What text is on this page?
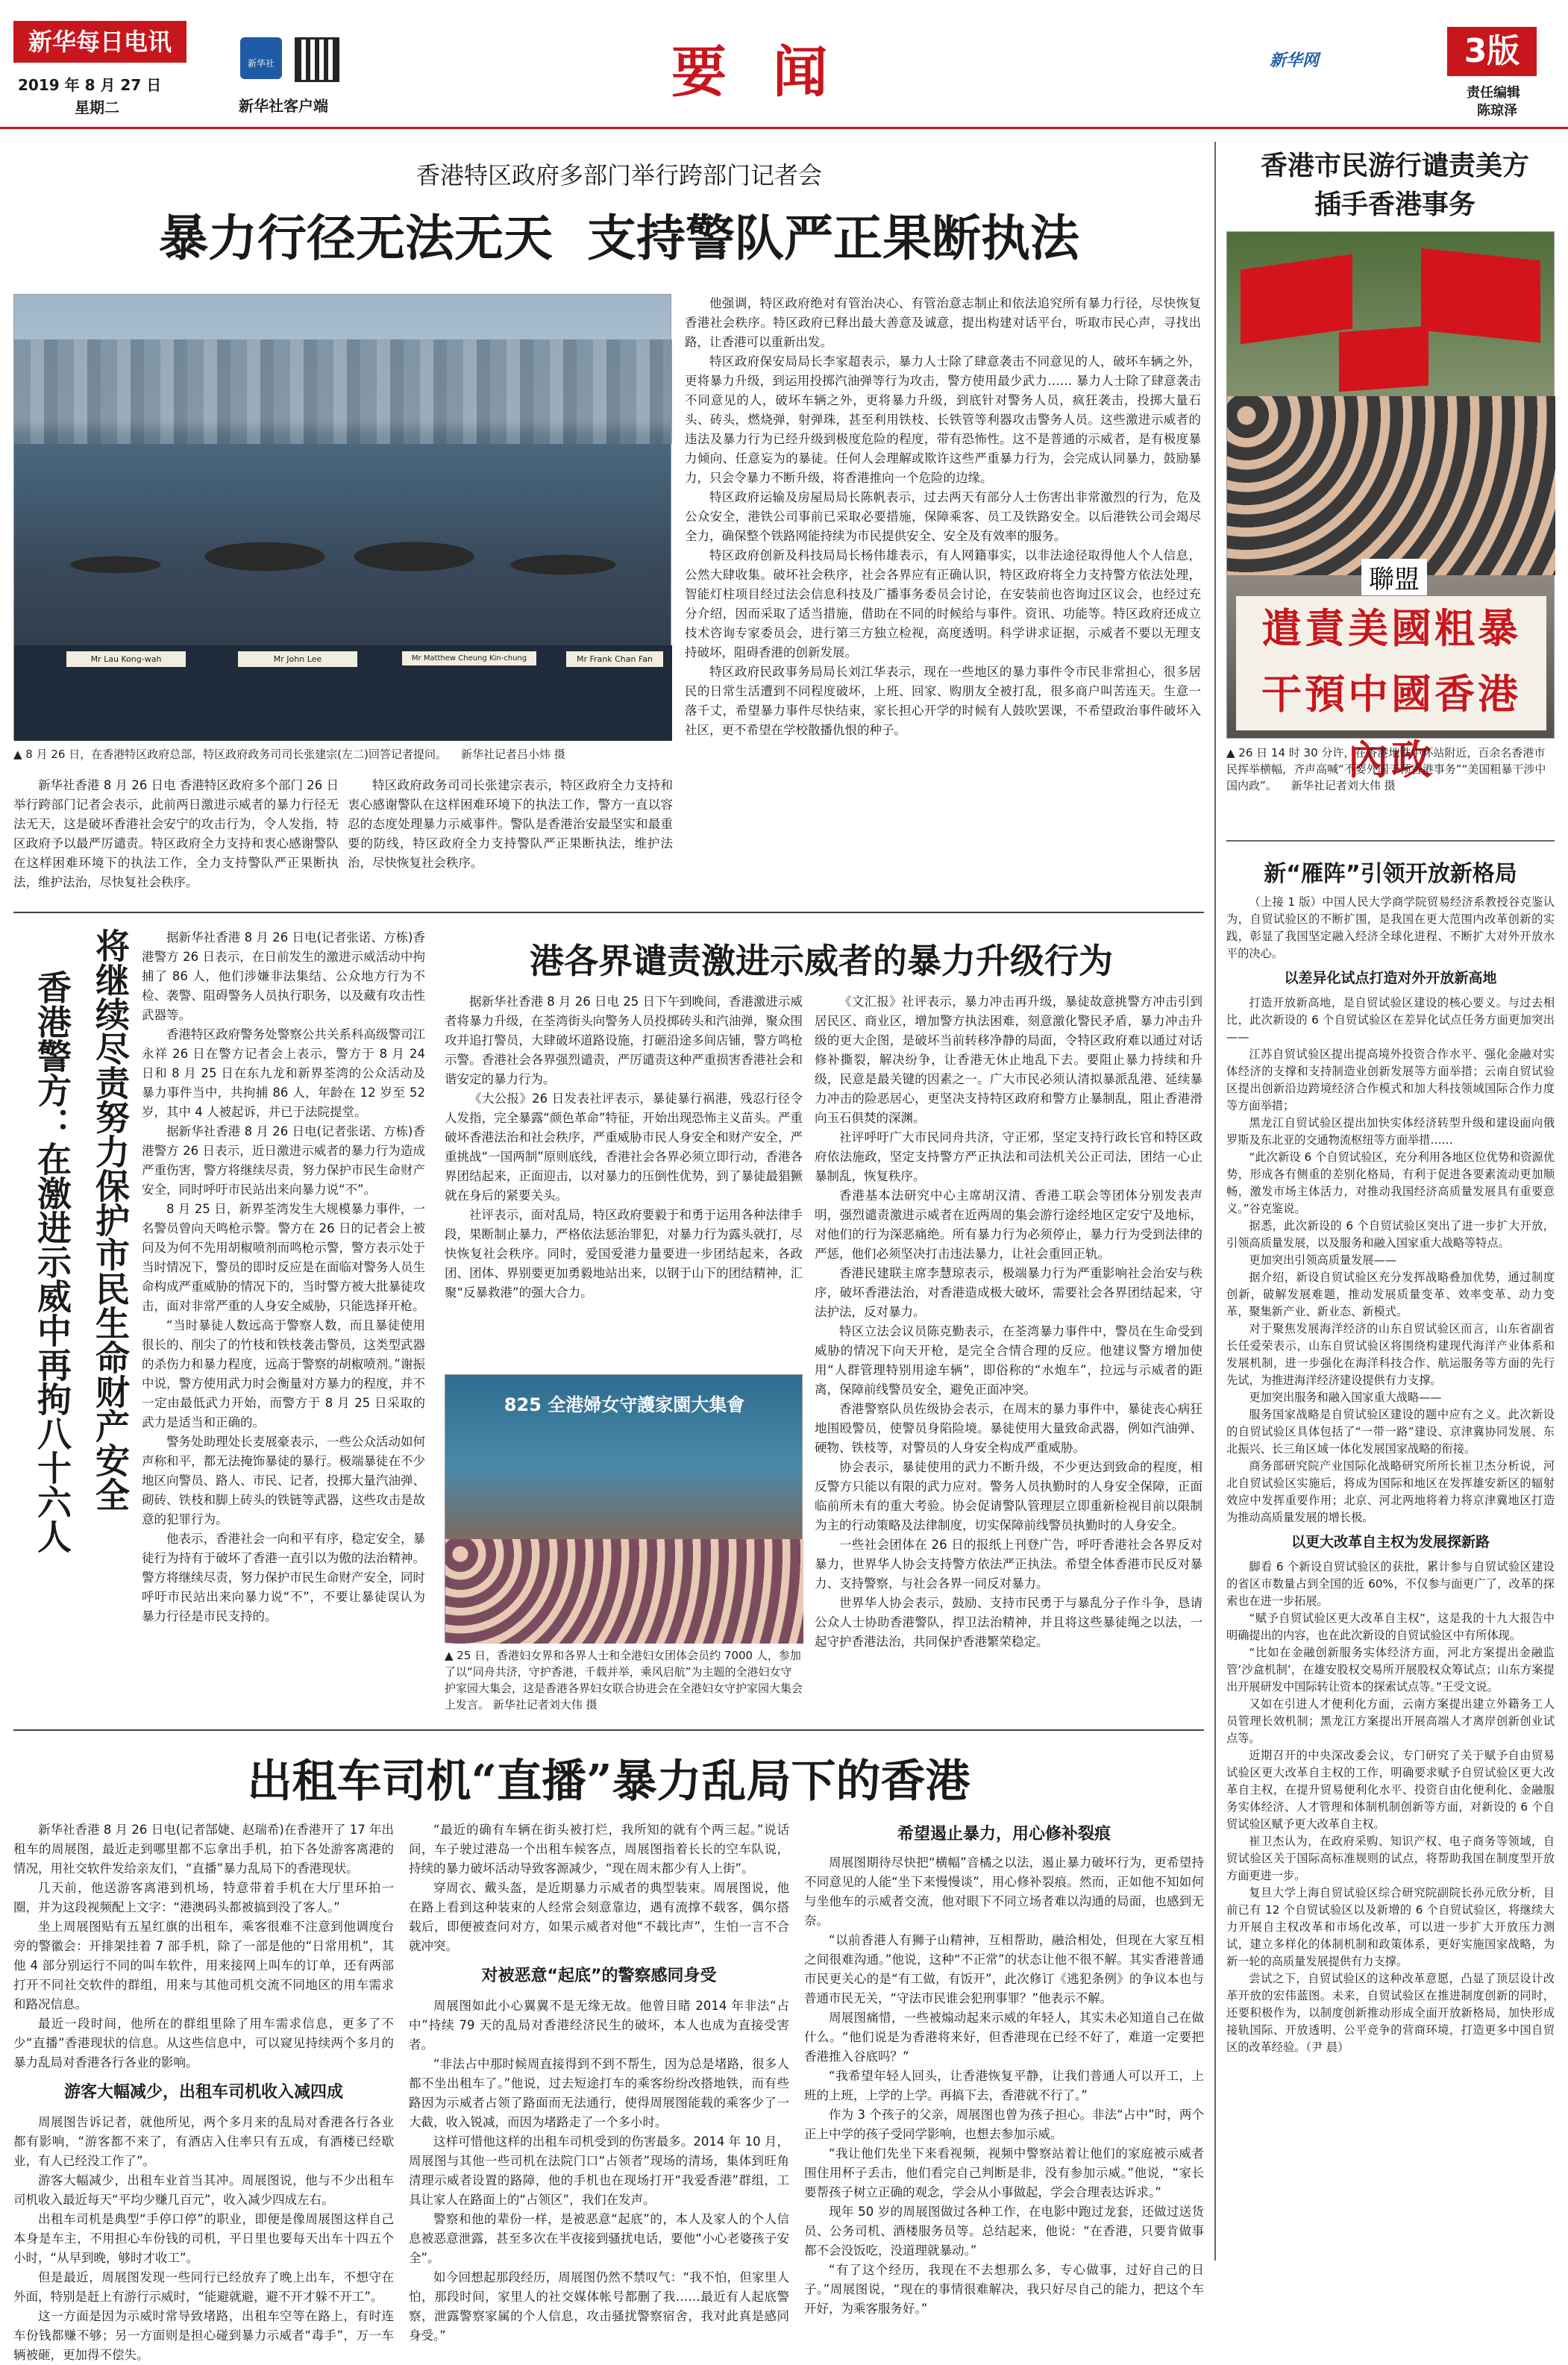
新华每日电讯
2019 年 8 月 27 日
星期二
新华社
新华社客户端
要 闻	新华网	3版
责任编辑
陈琼泽
香港特区政府多部门举行跨部门记者会
暴力行径无法无天  支持警队严正果断执法
Mr Lau Kong-wah	Mr John Lee	Mr Matthew Cheung Kin-chung	Mr Frank Chan Fan
▲ 8 月 26 日，在香港特区政府总部，特区政府政务司司长张建宗(左二)回答记者提问。    新华社记者吕小炜 摄

新华社香港 8 月 26 日电 香港特区政府多个部门 26 日举行跨部门记者会表示，此前两日激进示威者的暴力行径无法无天，这是破坏香港社会安宁的攻击行为，令人发指，特区政府予以最严厉谴责。特区政府全力支持和衷心感谢警队在这样困难环境下的执法工作，全力支持警队严正果断执法，维护法治，尽快复社会秩序。

特区政府政务司司长张建宗表示，特区政府全力支持和衷心感谢警队在这样困难环境下的执法工作，警方一直以容忍的态度处理暴力示威事件。警队是香港治安最坚实和最重要的防线，特区政府全力支持警队严正果断执法，维护法治，尽快恢复社会秩序。

他强调，特区政府绝对有管治决心、有管治意志制止和依法追究所有暴力行径，尽快恢复香港社会秩序。特区政府已释出最大善意及诚意，提出构建对话平台，听取市民心声，寻找出路，让香港可以重新出发。

特区政府保安局局长李家超表示，暴力人士除了肆意袭击不同意见的人，破坏车辆之外，更将暴力升级，到运用投掷汽油弹等行为攻击，警方使用最少武力…… 暴力人士除了肆意袭击不同意见的人，破坏车辆之外，更将暴力升级，到底针对警务人员，疯狂袭击，投掷大量石头、砖头，燃烧弹，射弹珠，甚至利用铁枝、长铁管等利器攻击警务人员。这些激进示威者的违法及暴力行为已经升级到极度危险的程度，带有恐怖性。这不是普通的示威者，是有极度暴力倾向、任意妄为的暴徒。任何人会理解或欺许这些严重暴力行为，会完成认同暴力，鼓励暴力，只会令暴力不断升级，将香港推向一个危险的边缘。

特区政府运输及房屋局局长陈帆表示，过去两天有部分人士伤害出非常激烈的行为，危及公众安全，港铁公司事前已采取必要措施，保障乘客、员工及铁路安全。以后港铁公司会竭尽全力，确保整个铁路网能持续为市民提供安全、安全及有效率的服务。

特区政府创新及科技局局长杨伟雄表示，有人网籍事实，以非法途径取得他人个人信息，公然大肆收集。破坏社会秩序，社会各界应有正确认识，特区政府将全力支持警方依法处理，智能灯柱项目经过法会信息科技及广播事务委员会讨论，在安装前也咨询过区议会，也经过充分介绍，因而采取了适当措施，借助在不同的时候给与事件。资讯、功能等。特区政府还成立技术咨询专家委员会，进行第三方独立检视，高度透明。科学讲求证据，示威者不要以无理支持破坏，阻碍香港的创新发展。

特区政府民政事务局局长刘江华表示，现在一些地区的暴力事件令市民非常担心，很多居民的日常生活遭到不同程度破坏，上班、回家、购朋友全被打乱，很多商户叫苦连天。生意一落千丈，希望暴力事件尽快结束，家长担心开学的时候有人鼓吹罢课，不希望政治事件破坏入社区，更不希望在学校散播仇恨的种子。

将继续尽责努力保护市民生命财产安全
香港警方：在激进示威中再拘八十六人

据新华社香港 8 月 26 日电(记者张诺、方栋)香港警方 26 日表示，在日前发生的激进示威活动中拘捕了 86 人，他们涉嫌非法集结、公众地方行为不检、袭警、阻碍警务人员执行职务，以及藏有攻击性武器等。

香港特区政府警务处警察公共关系科高级警司江永祥 26 日在警方记者会上表示，警方于 8 月 24 日和 8 月 25 日在东九龙和新界荃湾的公众活动及暴力事件当中，共拘捕 86 人，年龄在 12 岁至 52 岁，其中 4 人被起诉，并已于法院提堂。

据新华社香港 8 月 26 日电(记者张诺、方栋)香港警方 26 日表示，近日激进示威者的暴力行为造成严重伤害，警方将继续尽责，努力保护市民生命财产安全，同时呼吁市民站出来向暴力说“不”。

8 月 25 日，新界荃湾发生大规模暴力事件，一名警员曾向天鸣枪示警。警方在 26 日的记者会上被问及为何不先用胡椒喷剂而鸣枪示警，警方表示处于当时情况下，警员的即时反应是在面临对警务人员生命构成严重威胁的情况下的，当时警方被大批暴徒攻击，面对非常严重的人身安全威胁，只能选择开枪。

“当时暴徒人数远高于警察人数，而且暴徒使用很长的、削尖了的竹枝和铁枝袭击警员，这类型武器的杀伤力和暴力程度，远高于警察的胡椒喷剂。”谢振中说，警方使用武力时会衡量对方暴力的程度，并不一定由最低武力开始，而警方于 8 月 25 日采取的武力是适当和正确的。

警务处助理处长麦展豪表示，一些公众活动如何声称和平，都无法掩饰暴徒的暴行。极端暴徒在不少地区向警员、路人、市民、记者，投掷大量汽油弹、砌砖、铁枝和脚上砖头的铁链等武器，这些攻击是故意的犯罪行为。

他表示，香港社会一向和平有序，稳定安全，暴徒行为持有于破坏了香港一直引以为傲的法治精神。警方将继续尽责，努力保护市民生命财产安全，同时呼吁市民站出来向暴力说“不”，不要让暴徒误认为暴力行径是市民支持的。

港各界谴责激进示威者的暴力升级行为

据新华社香港 8 月 26 日电 25 日下午到晚间，香港激进示威者将暴力升级，在荃湾街头向警务人员投掷砖头和汽油弹，聚众围攻并追打警员，大肆破坏道路设施，打砸沿途多间店铺，警方鸣枪示警。香港社会各界强烈谴责，严厉谴责这种严重损害香港社会和谐安定的暴力行为。

《大公报》26 日发表社评表示，暴徒暴行祸港，残忍行径令人发指，完全暴露“颜色革命”特征，开始出现恐怖主义苗头。严重破坏香港法治和社会秩序，严重威胁市民人身安全和财产安全，严重挑战“一国两制”原则底线，香港社会各界必须立即行动，香港各界团结起来，正面迎击，以对暴力的压倒性优势，到了暴徒最猖獗就在身后的紧要关头。

社评表示，面对乱局，特区政府要毅于和勇于运用各种法律手段，果断制止暴力，严格依法惩治罪犯，对暴力行为露头就打，尽快恢复社会秩序。同时，爱国爱港力量要进一步团结起来，各政团、团体、界别要更加勇毅地站出来，以钢于山下的团结精神，汇聚“反暴救港”的强大合力。

825 全港婦女守護家園大集會
▲ 25 日，香港妇女界和各界人士和全港妇女团体会员约 7000 人，参加了以“同舟共济，守护香港，千载并举，乘风启航”为主题的全港妇女守护家园大集会，这是香港各界妇女联合协进会在全港妇女守护家园大集会上发言。 新华社记者刘大伟 摄

《文汇报》社评表示，暴力冲击再升级，暴徒故意挑警方冲击引到居民区、商业区，增加警方执法困难，刻意激化警民矛盾，暴力冲击升级的更大企图，是破坏当前转移净静的局面，令特区政府难以通过对话修补撕裂，解决纷争，让香港无休止地乱下去。要阻止暴力持续和升级，民意是最关键的因素之一。广大市民必须认清拟暴派乱港、延续暴力冲击的险恶居心，更坚决支持特区政府和警方止暴制乱，阻止香港滑向玉石俱焚的深渊。

社评呼吁广大市民同舟共济，守正邪，坚定支持行政长官和特区政府依法施政，坚定支持警方严正执法和司法机关公正司法，团结一心止暴制乱，恢复秩序。

香港基本法研究中心主席胡汉清、香港工联会等团体分别发表声明，强烈谴责激进示威者在近两周的集会游行途经地区定安宁及地标，对他们的行为深恶痛绝。所有暴力行为必须停止，暴力行为受到法律的严惩，他们必须坚决打击违法暴力，让社会重回正轨。

香港民建联主席李慧琼表示，极端暴力行为严重影响社会治安与秩序，破坏香港法治，对香港造成极大破坏，需要社会各界团结起来，守法护法，反对暴力。

特区立法会议员陈克勤表示，在荃湾暴力事件中，警员在生命受到威胁的情况下向天开枪，是完全合情合理的反应。他建议警方增加使用“人群管理特别用途车辆”，即俗称的“水炮车”，拉远与示威者的距离，保障前线警员安全，避免正面冲突。

香港警察队员佐级协会表示，在周末的暴力事件中，暴徒丧心病狂地围殴警员，使警员身陷险境。暴徒使用大量致命武器，例如汽油弹、硬物、铁枝等，对警员的人身安全构成严重威胁。

协会表示，暴徒使用的武力不断升级，不少更达到致命的程度，相反警方只能以有限的武力应对。警务人员执勤时的人身安全保障，正面临前所未有的重大考验。协会促请警队管理层立即重新检视目前以限制为主的行动策略及法律制度，切实保障前线警员执勤时的人身安全。

一些社会团体在 26 日的报纸上刊登广告，呼吁香港社会各界反对暴力，世界华人协会支持警方依法严正执法。希望全体香港市民反对暴力、支持警察，与社会各界一同反对暴力。

世界华人协会表示，鼓励、支持市民勇于与暴乱分子作斗争，恳请公众人士协助香港警队，捍卫法治精神，并且将这些暴徒绳之以法，一起守护香港法治，共同保护香港繁荣稳定。

出租车司机“直播”暴力乱局下的香港

新华社香港 8 月 26 日电(记者郜婕、赵瑞希)在香港开了 17 年出租车的周展图，最近走到哪里都不忘拿出手机，拍下各处游客离港的情况，用社交软件发给亲友们，“直播”暴力乱局下的香港现状。

几天前，他送游客离港到机场，特意带着手机在大厅里环拍一圈，并为这段视频配上文字：“港澳码头都被搞到没了客人。”

坐上周展图贴有五星红旗的出租车，乘客很难不注意到他调度台旁的警徽会：开排架挂着 7 部手机，除了一部是他的“日常用机”，其他 4 部分别运行不同的叫车软件，用来接网上叫车的订单，还有两部打开不同社交软件的群组，用来与其他司机交流不同地区的用车需求和路况信息。

最近一段时间，他所在的群组里除了用车需求信息，更多了不少“直播”香港现状的信息。从这些信息中，可以窥见持续两个多月的暴力乱局对香港各行各业的影响。

游客大幅减少，出租车司机收入减四成

周展图告诉记者，就他所见，两个多月来的乱局对香港各行各业都有影响，“游客都不来了，有酒店入住率只有五成，有酒楼已经歇业，有人已经没工作了”。

游客大幅减少，出租车业首当其冲。周展图说，他与不少出租车司机收入最近每天“平均少赚几百元”，收入减少四成左右。

出租车司机是典型“手停口停”的职业，即便是像周展图这样自己本身是车主，不用担心车份钱的司机，平日里也要每天出车十四五个小时，“从早到晚，够时才收工”。

但是最近，周展图发现一些同行已经放弃了晚上出车，不想守在外面，特别是赶上有游行示威时，“能避就避，避不开才躲不开工”。

这一方面是因为示威时常导致堵路，出租车空等在路上，有时连车份钱都赚不够；另一方面则是担心碰到暴力示威者“毒手”，万一车辆被砸，更加得不偿失。

“最近的确有车辆在街头被打烂，我所知的就有个两三起。”说话间，车子驶过港岛一个出租车候客点，周展图指着长长的空车队说，持续的暴力破坏活动导致客源减少，“现在周末都少有人上街”。

穿周衣、戴头盔，是近期暴力示威者的典型装束。周展图说，他在路上看到这种装束的人经常会刻意靠边，遇有流撑不载客，偶尔搭载后，即便被查问对方，如果示威者对他“不载比声”，生怕一言不合就冲突。

对被恶意“起底”的警察感同身受

周展图如此小心翼翼不是无缘无故。他曾目睹 2014 年非法“占中”持续 79 天的乱局对香港经济民生的破坏，本人也成为直接受害者。

“非法占中那时候周直接得到不到不帮生，因为总是堵路，很多人都不坐出租车了。”他说，过去短途打车的乘客纷纷改搭地铁，而有些路因为示威者占领了路面而无法通行，使得周展图能载的乘客少了一大截，收入锐减，而因为堵路走了一个多小时。

这样可惜他这样的出租车司机受到的伤害最多。2014 年 10 月，周展图与其他一些司机在法院门口“占领者”现场的清场，集体到旺角清理示威者设置的路障，他的手机也在现场打开“我爱香港”群组，工具让家人在路面上的“占领区”，我们在发声。

警察和他的辈份一样，是被恶意“起底”的，本人及家人的个人信息被恶意泄露，甚至多次在半夜接到骚扰电话，要他“小心老婆孩子安全”。

如今回想起那段经历，周展图仍然不禁叹气：“我不怕，但家里人怕，那段时间，家里人的社交媒体帐号都删了我……最近有人起底警察，泄露警察家属的个人信息，攻击骚扰警察宿舍，我对此真是感同身受。”

希望遏止暴力，用心修补裂痕

周展图期待尽快把“横幅”音橘之以法，遏止暴力破坏行为，更希望持不同意见的人能“坐下来慢慢谈”，用心修补裂痕。然而，正如他不知如何与坐他车的示威者交流，他对眼下不同立场者难以沟通的局面，也感到无奈。

“以前香港人有狮子山精神，互相帮助，融洽相处，但现在大家互相之间很难沟通。”他说，这种“不正常”的状态让他不很不解。其实香港普通市民更关心的是“有工做，有饭开”，此次修订《逃犯条例》的争议本也与普通市民无关，“守法市民谁会犯刑事罪？”他表示不解。

周展图痛惜，一些被煽动起来示威的年轻人，其实未必知道自己在做什么。“他们说是为香港将来好，但香港现在已经不好了，难道一定要把香港推入谷底吗？”

“我希望年轻人回头，让香港恢复平静，让我们普通人可以开工，上班的上班，上学的上学。再搞下去，香港就不行了。”

作为 3 个孩子的父亲，周展图也曾为孩子担心。非法“占中”时，两个正上中学的孩子受同学影响，也想去参加示威。

“我让他们先坐下来看视频，视频中警察站着让他们的家庭被示威者围住用杯子丢击，他们看完自己判断是非，没有参加示威。”他说，“家长要帮孩子树立正确的观念，学会从小事做起，学会合理表达诉求。”

现年 50 岁的周展图做过各种工作，在电影中跑过龙套，还做过送货员、公务司机、酒楼服务员等。总结起来，他说：“在香港，只要肯做事都不会没饭吃，没道理就暴动。”

“有了这个经历，我现在不去想那么多，专心做事，过好自己的日子。”周展图说，“现在的事情很难解决，我只好尽自己的能力，把这个车开好，为乘客服务好。”

香港市民游行谴责美方插手香港事务
聯盟
遣責美國粗暴干預中國香港內政
▲ 26 日 14 时 30 分许，在香港地铁中环站附近，百余名香港市民挥举横幅，齐声高喊“不要外国干预香港事务”“美国粗暴干涉中国内政”。    新华社记者刘大伟 摄
新“雁阵”引领开放新格局

（上接 1 版）中国人民大学商学院贸易经济系教授谷克鉴认为，自贸试验区的不断扩围，是我国在更大范围内改革创新的实践，彰显了我国坚定融入经济全球化进程、不断扩大对外开放水平的决心。

以差异化试点打造对外开放新高地

打造开放新高地，是自贸试验区建设的核心要义。与过去相比，此次新设的 6 个自贸试验区在差异化试点任务方面更加突出——

江苏自贸试验区提出提高境外投资合作水平、强化金融对实体经济的支撑和支持制造业创新发展等方面举措；云南自贸试验区提出创新沿边跨境经济合作模式和加大科技领域国际合作力度等方面举措；

黑龙江自贸试验区提出加快实体经济转型升级和建设面向俄罗斯及东北亚的交通物流枢纽等方面举措……

“此次新设 6 个自贸试验区，充分利用各地区位优势和资源优势，形成各有侧重的差别化格局，有利于促进各要素流动更加顺畅，激发市场主体活力，对推动我国经济高质量发展具有重要意义。”谷克鉴说。

据悉，此次新设的 6 个自贸试验区突出了进一步扩大开放，引领高质量发展，以及服务和融入国家重大战略等特点。

更加突出引领高质量发展——

据介绍，新设自贸试验区充分发挥战略叠加优势，通过制度创新，破解发展难题，推动发展质量变革、效率变革、动力变革，聚集新产业、新业态、新模式。

对于聚焦发展海洋经济的山东自贸试验区而言，山东省副省长任爱荣表示，山东自贸试验区将围绕构建现代海洋产业体系和发展机制，进一步强化在海洋科技合作、航运服务等方面的先行先试，为推进海洋经济建设提供有力支撑。

更加突出服务和融入国家重大战略——

服务国家战略是自贸试验区建设的题中应有之义。此次新设的自贸试验区具体包括了“一带一路”建设、京津冀协同发展、东北振兴、长三角区域一体化发展国家战略的衔接。

商务部研究院产业国际化战略研究所所长崔卫杰分析说，河北自贸试验区实施后，将成为国际和地区在发挥雄安新区的辐射效应中发挥重要作用；北京、河北两地将着力将京津冀地区打造为推动高质量发展的增长极。

以更大改革自主权为发展探新路

脚看 6 个新设自贸试验区的获批，累计参与自贸试验区建设的省区市数量占到全国的近 60%，不仅参与面更广了，改革的探索也在进一步拓展。

“赋予自贸试验区更大改革自主权”，这是我的十九大报告中明确提出的内容，也在此次新设的自贸试验区中有所体现。

“比如在金融创新服务实体经济方面，河北方案提出金融监管‘沙盒机制’，在雄安股权交易所开展股权众筹试点；山东方案提出开展研发中国际转让资本的探索试点等。”王受文说。

又如在引进人才便利化方面，云南方案提出建立外籍务工人员管理长效机制；黑龙江方案提出开展高端人才离岸创新创业试点等。

近期召开的中央深改委会议，专门研究了关于赋予自由贸易试验区更大改革自主权的工作，明确要求赋予自贸试验区更大改革自主权，在提升贸易便利化水平、投资自由化便利化、金融服务实体经济、人才管理和体制机制创新等方面，对新设的 6 个自贸试验区赋予更大改革自主权。

崔卫杰认为，在政府采购、知识产权、电子商务等领域，自贸试验区关于国际高标准规则的试点，将帮助我国在制度型开放方面更进一步。

复旦大学上海自贸试验区综合研究院副院长孙元欣分析，目前已有 12 个自贸试验区以及新增的 6 个自贸试验区，将继续大力开展自主权改革和市场化改革，可以进一步扩大开放压力测试，建立多样化的体制机制和政策体系，更好实施国家战略，为新一轮的高质量发展提供有力支撑。

尝试之下，自贸试验区的这种改革意愿，凸显了顶层设计改革开放的宏伟蓝图。未来，自贸试验区在推进制度创新的同时，还要积极作为，以制度创新推动形成全面开放新格局，加快形成接轨国际、开放透明、公平竞争的营商环境，打造更多中国自贸区的改革经验。（尹 晨）
